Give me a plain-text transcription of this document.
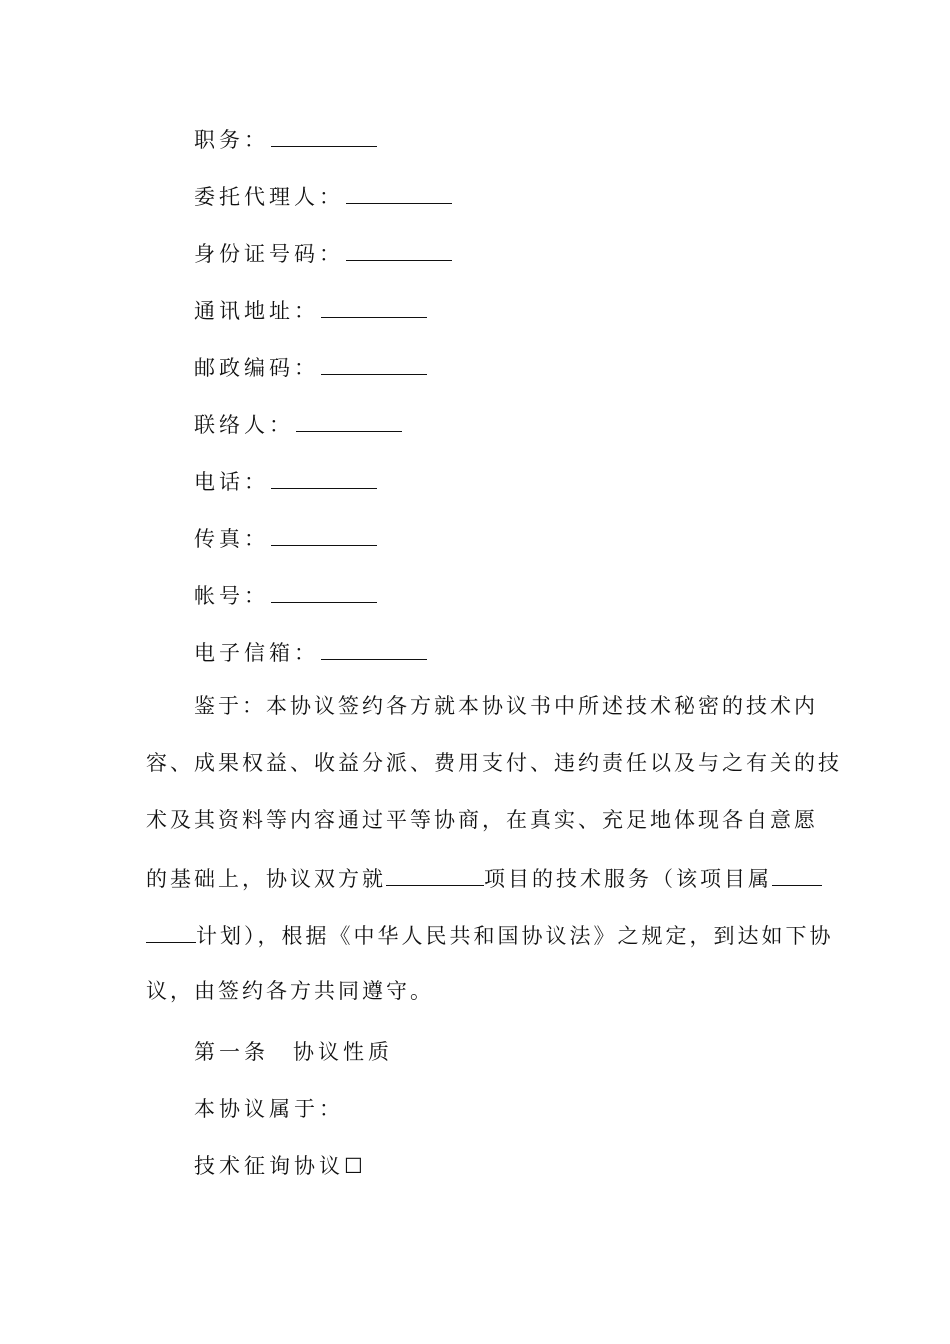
职务：
委托代理人：
身份证号码：
通讯地址：
邮政编码：
联络人：
电话：
传真：
帐号：
电子信箱：
鉴于：本协议签约各方就本协议书中所述技术秘密的技术内
容、成果权益、收益分派、费用支付、违约责任以及与之有关的技
术及其资料等内容通过平等协商，在真实、充足地体现各自意愿
的基础上，协议双方就	项目的技术服务（该项目属
计划），根据《中华人民共和国协议法》之规定，到达如下协
议，由签约各方共同遵守。
第一条 协议性质
本协议属于：
技术征询协议☐
